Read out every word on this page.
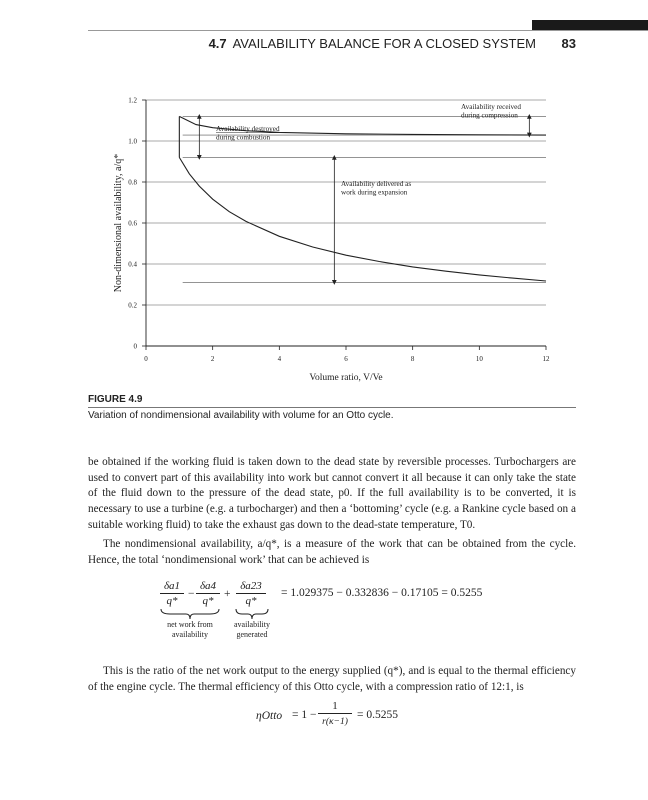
4.7 AVAILABILITY BALANCE FOR A CLOSED SYSTEM 83
0
0.2
0.4
0.6
0.8
1.0
1.2
0	2	4	6	8	10	12
Volume ratio, V/Ve
Non-dimensional availability, a/q*
Availability received
during compression
Availability destroyed
during combustion
Availability delivered as
work during expansion
FIGURE 4.9
Variation of nondimensional availability with volume for an Otto cycle.

be obtained if the working fluid is taken down to the dead state by reversible processes. Turbochargers are used to convert part of this availability into work but cannot convert it all because it can only take the state of the fluid down to the pressure of the dead state, p0. If the full availability is to be converted, it is necessary to use a turbine (e.g. a turbocharger) and then a ‘bottoming’ cycle (e.g. a Rankine cycle based on a suitable working fluid) to take the exhaust gas down to the dead-state temperature, T0.

The nondimensional availability, a/q*, is a measure of the work that can be obtained from the cycle. Hence, the total ‘nondimensional work’ that can be achieved is

δa1
q*
−
δa4
q*
+
δa23
q*
= 1.029375 − 0.332836 − 0.17105 = 0.5255
net work from
availability
availability
generated

This is the ratio of the net work output to the energy supplied (q*), and is equal to the thermal efficiency of the engine cycle. The thermal efficiency of this Otto cycle, with a compression ratio of 12:1, is

ηOtto = 1 −
1
r(κ−1)
= 0.5255
